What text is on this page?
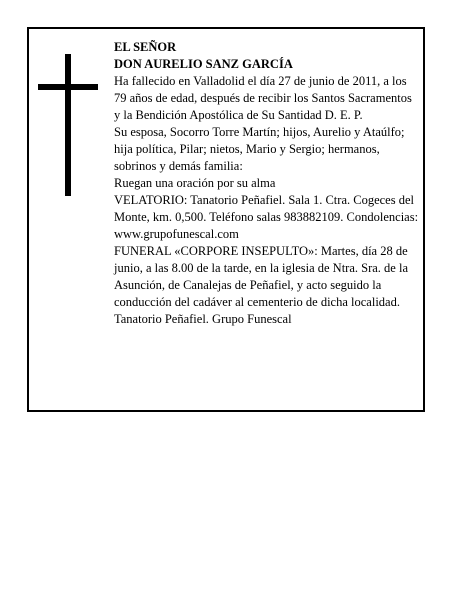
EL SEÑOR

DON AURELIO SANZ GARCÍA

Ha fallecido en Valladolid el día 27 de junio de 2011, a los 79 años de edad, después de recibir los Santos Sacramentos y la Bendición Apostólica de Su Santidad D. E. P.

Su esposa, Socorro Torre Martín; hijos, Aurelio y Ataúlfo; hija política, Pilar; nietos, Mario y Sergio; hermanos, sobrinos y demás familia:

Ruegan una oración por su alma

VELATORIO: Tanatorio Peñafiel. Sala 1. Ctra. Cogeces del Monte, km. 0,500. Teléfono salas 983882109. Condolencias: www.grupofunescal.com

FUNERAL «CORPORE INSEPULTO»: Martes, día 28 de junio, a las 8.00 de la tarde, en la iglesia de Ntra. Sra. de la Asunción, de Canalejas de Peñafiel, y acto seguido la conducción del cadáver al cementerio de dicha localidad.

Tanatorio Peñafiel. Grupo Funescal
